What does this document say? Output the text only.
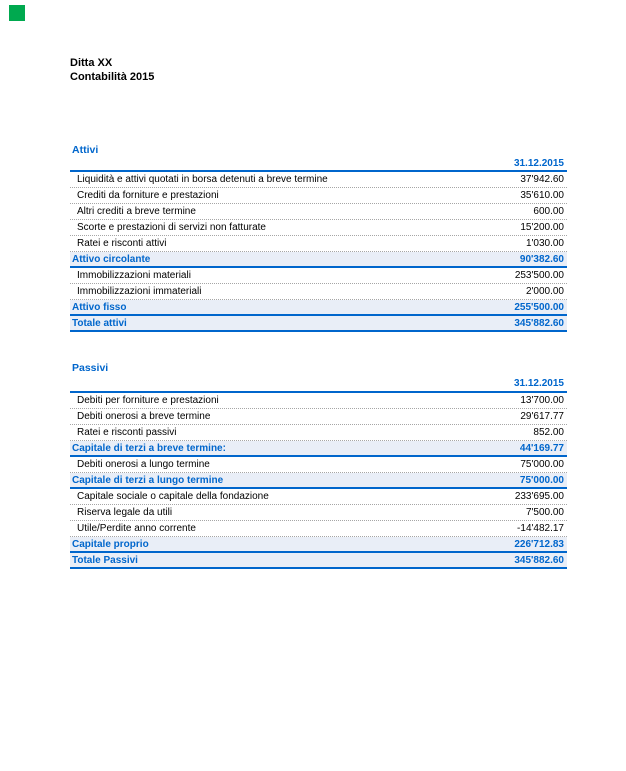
Ditta XX
Contabilità 2015
Attivi
31.12.2015
Liquidità e attivi quotati in borsa detenuti a breve termine	37'942.60
Crediti da forniture e prestazioni	35'610.00
Altri crediti a breve termine	600.00
Scorte e prestazioni di servizi non fatturate	15'200.00
Ratei e risconti attivi	1'030.00
Attivo circolante	90'382.60
Immobilizzazioni materiali	253'500.00
Immobilizzazioni immateriali	2'000.00
Attivo fisso	255'500.00
Totale attivi	345'882.60
Passivi
31.12.2015
Debiti per forniture e prestazioni	13'700.00
Debiti onerosi a breve termine	29'617.77
Ratei e risconti passivi	852.00
Capitale di terzi a breve termine:	44'169.77
Debiti onerosi a lungo termine	75'000.00
Capitale di terzi a lungo termine	75'000.00
Capitale sociale o capitale della fondazione	233'695.00
Riserva legale da utili	7'500.00
Utile/Perdite anno corrente	-14'482.17
Capitale proprio	226'712.83
Totale Passivi	345'882.60
